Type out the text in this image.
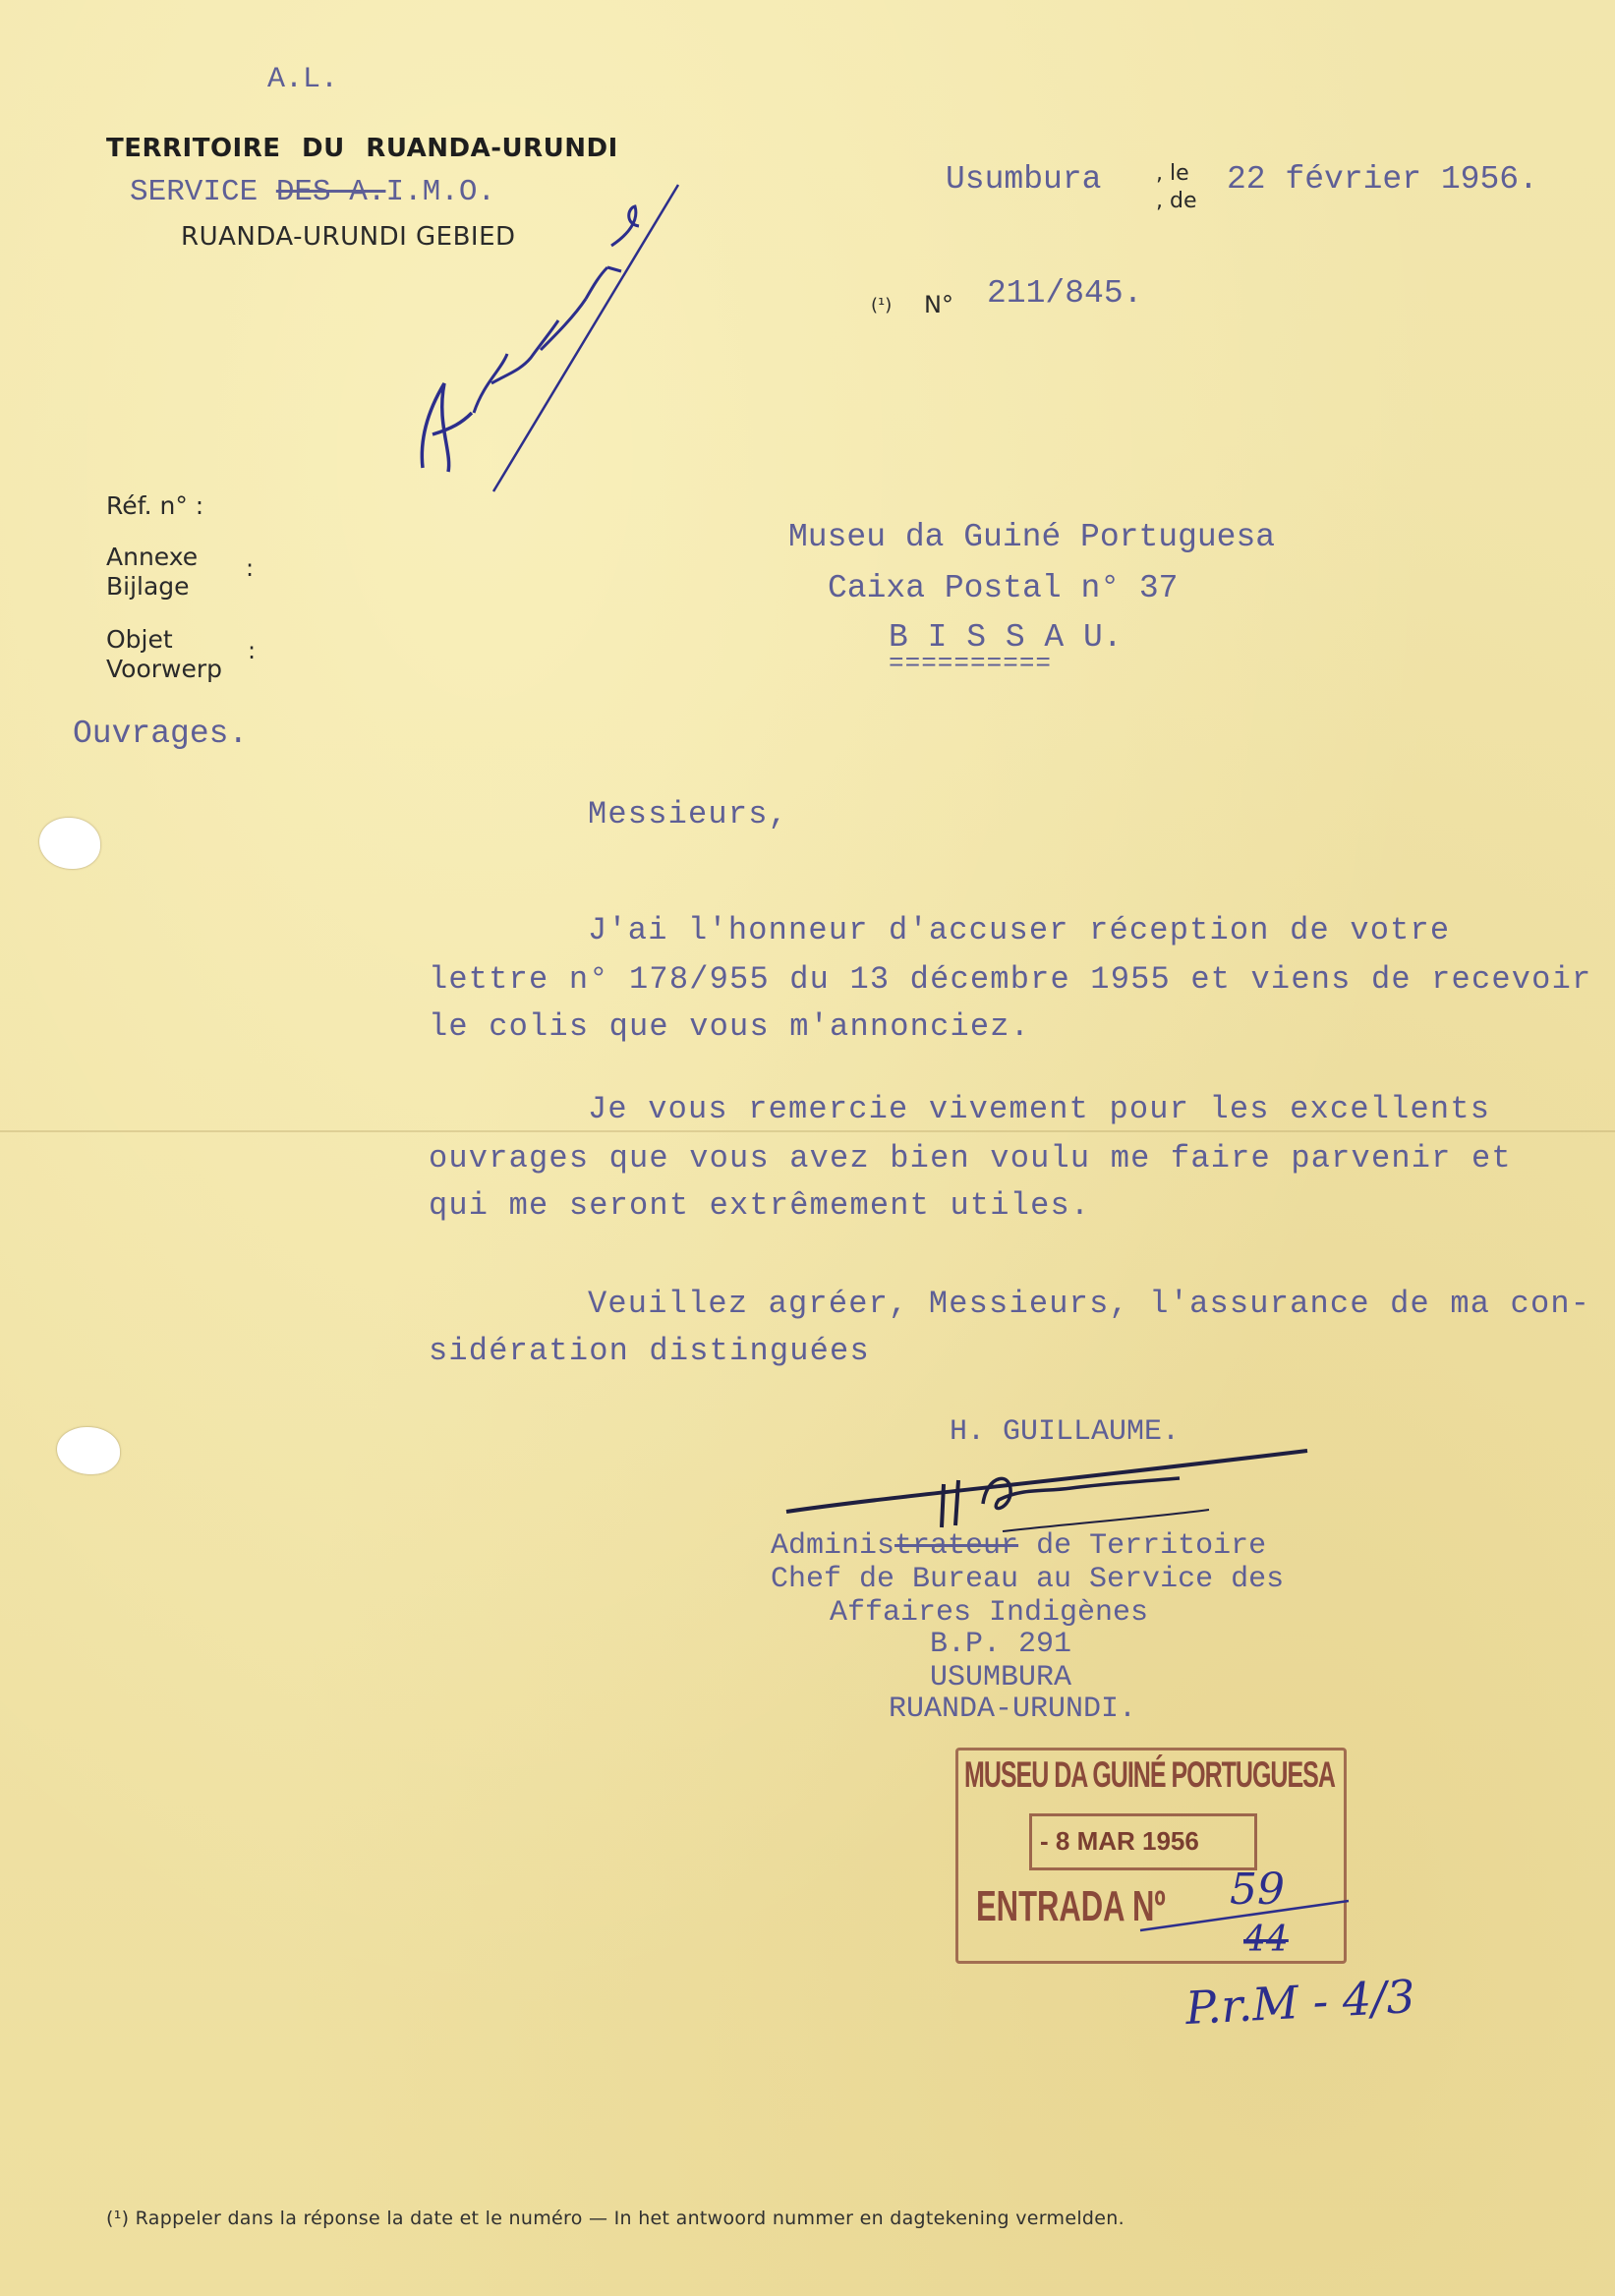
A.L.
TERRITOIRE DU RUANDA-URUNDI
SERVICE DES A.I.M.O.
RUANDA-URUNDI GEBIED
Usumbura	, le
, de
22 février 1956.
(¹) N° 211/845.
Réf. n° :
Annexe
Bijlage
:
Objet
Voorwerp
:
Ouvrages.
Museu da Guiné Portuguesa
Caixa Postal n° 37
B I S S A U.
==========
Messieurs,
J'ai l'honneur d'accuser réception de votre
lettre n° 178/955 du 13 décembre 1955 et viens de recevoir
le colis que vous m'annonciez.
Je vous remercie vivement pour les excellents
ouvrages que vous avez bien voulu me faire parvenir et
qui me seront extrêmement utiles.
Veuillez agréer, Messieurs, l'assurance de ma con-
sidération distinguées
H. GUILLAUME.
Administrateur de Territoire
Chef de Bureau au Service des
Affaires Indigènes
B.P. 291
USUMBURA
RUANDA-URUNDI.
MUSEU DA GUINÉ PORTUGUESA
- 8 MAR 1956
ENTRADA Nº 59
44
P.r.M - 4/3
(¹) Rappeler dans la réponse la date et le numéro — In het antwoord nummer en dagtekening vermelden.
